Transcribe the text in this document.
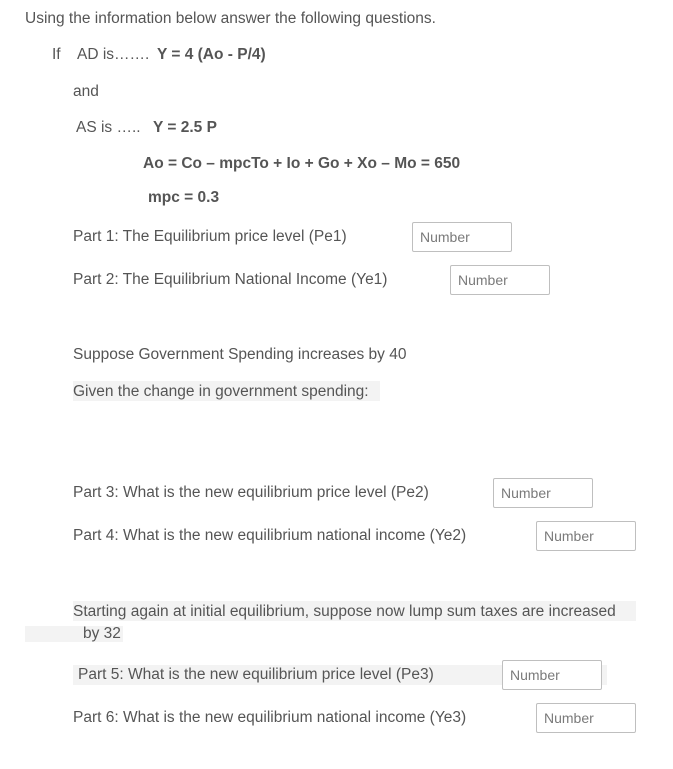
Using the information below answer the following questions.
If AD is……. Y = 4 (Ao - P/4)
and
AS is ….. Y = 2.5 P
Ao = Co – mpcTo + Io + Go + Xo – Mo = 650
mpc = 0.3
Part 1: The Equilibrium price level (Pe1)
Number
Part 2: The Equilibrium National Income (Ye1)
Number
Suppose Government Spending increases by 40
Given the change in government spending:
Part 3: What is the new equilibrium price level (Pe2)
Number
Part 4: What is the new equilibrium national income (Ye2)
Number
Starting again at initial equilibrium, suppose now lump sum taxes are increased
by 32
Part 5: What is the new equilibrium price level (Pe3)
Number
Part 6: What is the new equilibrium national income (Ye3)
Number
